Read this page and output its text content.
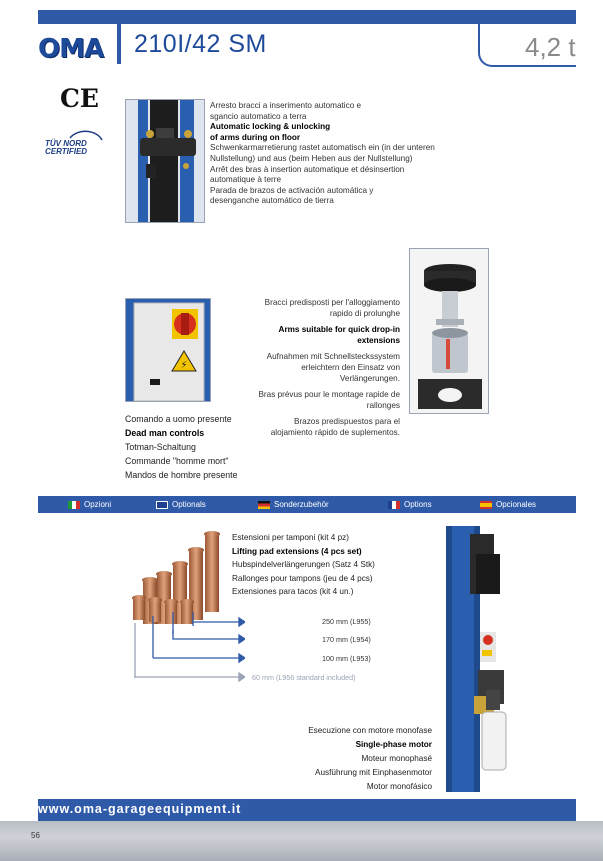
OMA 210I/42 SM	4,2 t
CE
TÜV NORD
CERTIFIED
Arresto bracci a inserimento automatico e sgancio automatico a terra
Automatic locking & unlocking of arms during on floor
Schwenkarmarretierung rastet automatisch ein (in der unteren Nullstellung) und aus (beim Heben aus der Nullstellung)
Arrêt des bras à insertion automatique et désinsertion automatique à terre
Parada de brazos de activación automática y desenganche automático de tierra
Bracci predisposti per l'alloggiamento rapido di prolunghe
Arms suitable for quick drop-in extensions
Aufnahmen mit Schnellsteckssystem erleichtern den Einsatz von Verlängerungen.
Bras prévus pour le montage rapide de rallonges
Brazos predispuestos para el alojamiento rápido de suplementos.
⚡
Comando a uomo presente
Dead man controls
Totman-Schaltung
Commande "homme mort"
Mandos de hombre presente
Opzioni	Optionals	Sonderzubehör	Options	Opcionales
Estensioni per tamponi (kit 4 pz)
Lifting pad extensions (4 pcs set)
Hubspindelverlängerungen (Satz 4 Stk)
Rallonges pour tampons (jeu de 4 pcs)
Extensiones para tacos (kit 4 un.)
250 mm (L955)
170 mm (L954)
100 mm (L953)
60 mm (L956 standard included)
Esecuzione con motore monofase
Single-phase motor
Moteur monophasé
Ausführung mit Einphasenmotor
Motor monofásico
www.oma-garageequipment.it
56
